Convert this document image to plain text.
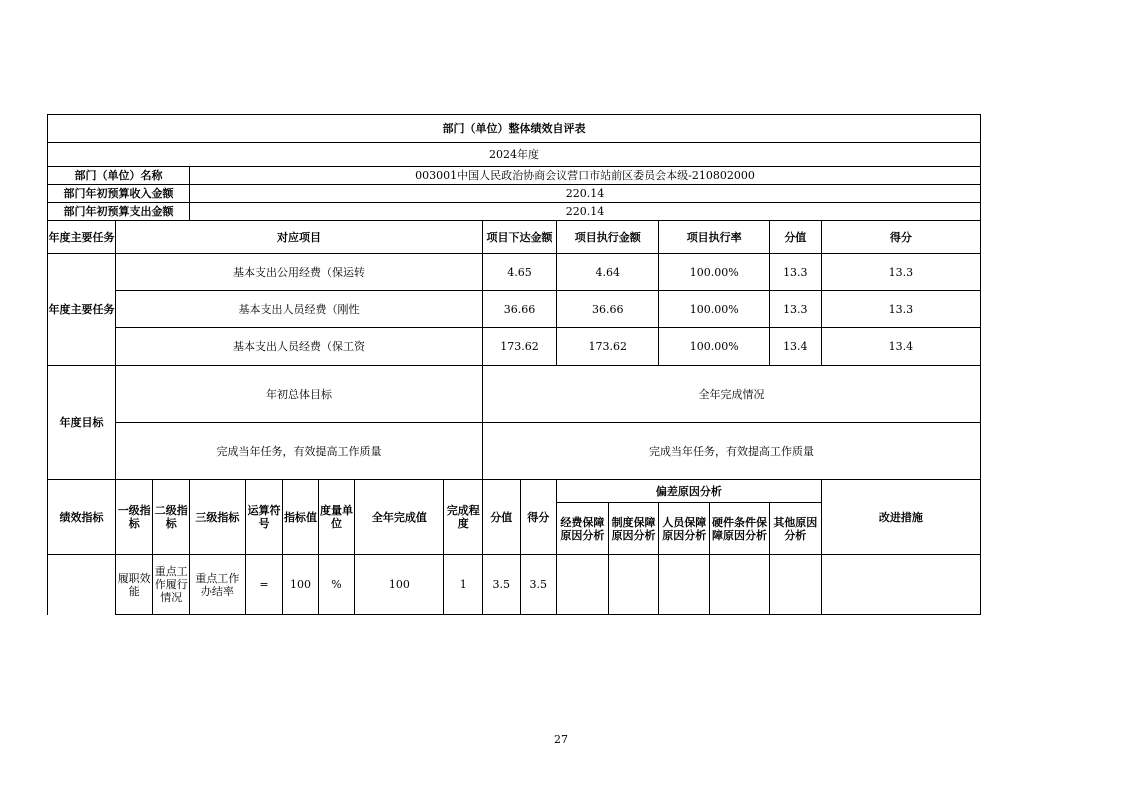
部门（单位）整体绩效自评表																
2024年度																
部门（单位）名称			003001中国人民政治协商会议营口市站前区委员会本级-210802000													
部门年初预算收入金额			220.14													
部门年初预算支出金额			220.14													
年度主要任务	对应项目								项目下达金额		项目执行金额		项目执行率		分值	得分
年度主要任务	基本支出公用经费（保运转								4.65		4.64		100.00%		13.3	13.3
	基本支出人员经费（刚性								36.66		36.66		100.00%		13.3	13.3
	基本支出人员经费（保工资								173.62		173.62		100.00%		13.4	13.4
年度目标	年初总体目标								全年完成情况							
	完成当年任务，有效提高工作质量								完成当年任务，有效提高工作质量							
绩效指标	一级指标	二级指标	三级指标	运算符号	指标值	度量单位	全年完成值	完成程度	分值	得分	偏差原因分析					改进措施
											经费保障原因分析	制度保障原因分析	人员保障原因分析	硬件条件保障原因分析	其他原因分析	
	履职效能	重点工作履行情况	重点工作办结率	=	100	%	100	1	3.5	3.5						
27
